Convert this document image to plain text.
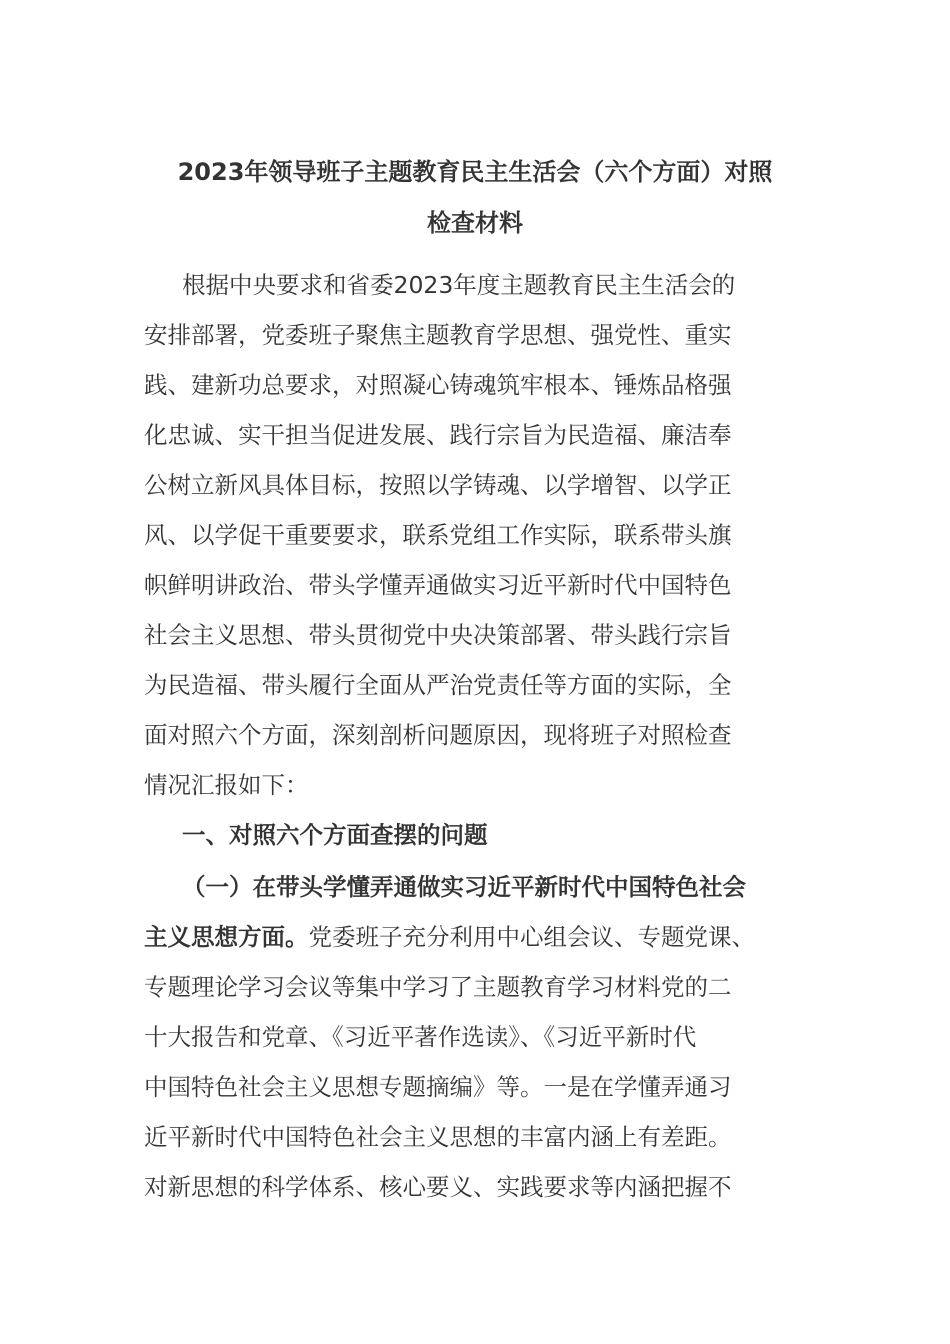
2023年领导班子主题教育民主生活会（六个方面）对照
检查材料
根据中央要求和省委2023年度主题教育民主生活会的
安排部署，党委班子聚焦主题教育学思想、强党性、重实
践、建新功总要求，对照凝心铸魂筑牢根本、锤炼品格强
化忠诚、实干担当促进发展、践行宗旨为民造福、廉洁奉
公树立新风具体目标，按照以学铸魂、以学增智、以学正
风、以学促干重要要求，联系党组工作实际，联系带头旗
帜鲜明讲政治、带头学懂弄通做实习近平新时代中国特色
社会主义思想、带头贯彻党中央决策部署、带头践行宗旨
为民造福、带头履行全面从严治党责任等方面的实际，全
面对照六个方面，深刻剖析问题原因，现将班子对照检查
情况汇报如下：
一、对照六个方面查摆的问题
（一）在带头学懂弄通做实习近平新时代中国特色社会
主义思想方面。党委班子充分利用中心组会议、专题党课、
专题理论学习会议等集中学习了主题教育学习材料党的二
十大报告和党章、《习近平著作选读》、《习近平新时代
中国特色社会主义思想专题摘编》等。一是在学懂弄通习
近平新时代中国特色社会主义思想的丰富内涵上有差距。
对新思想的科学体系、核心要义、实践要求等内涵把握不
